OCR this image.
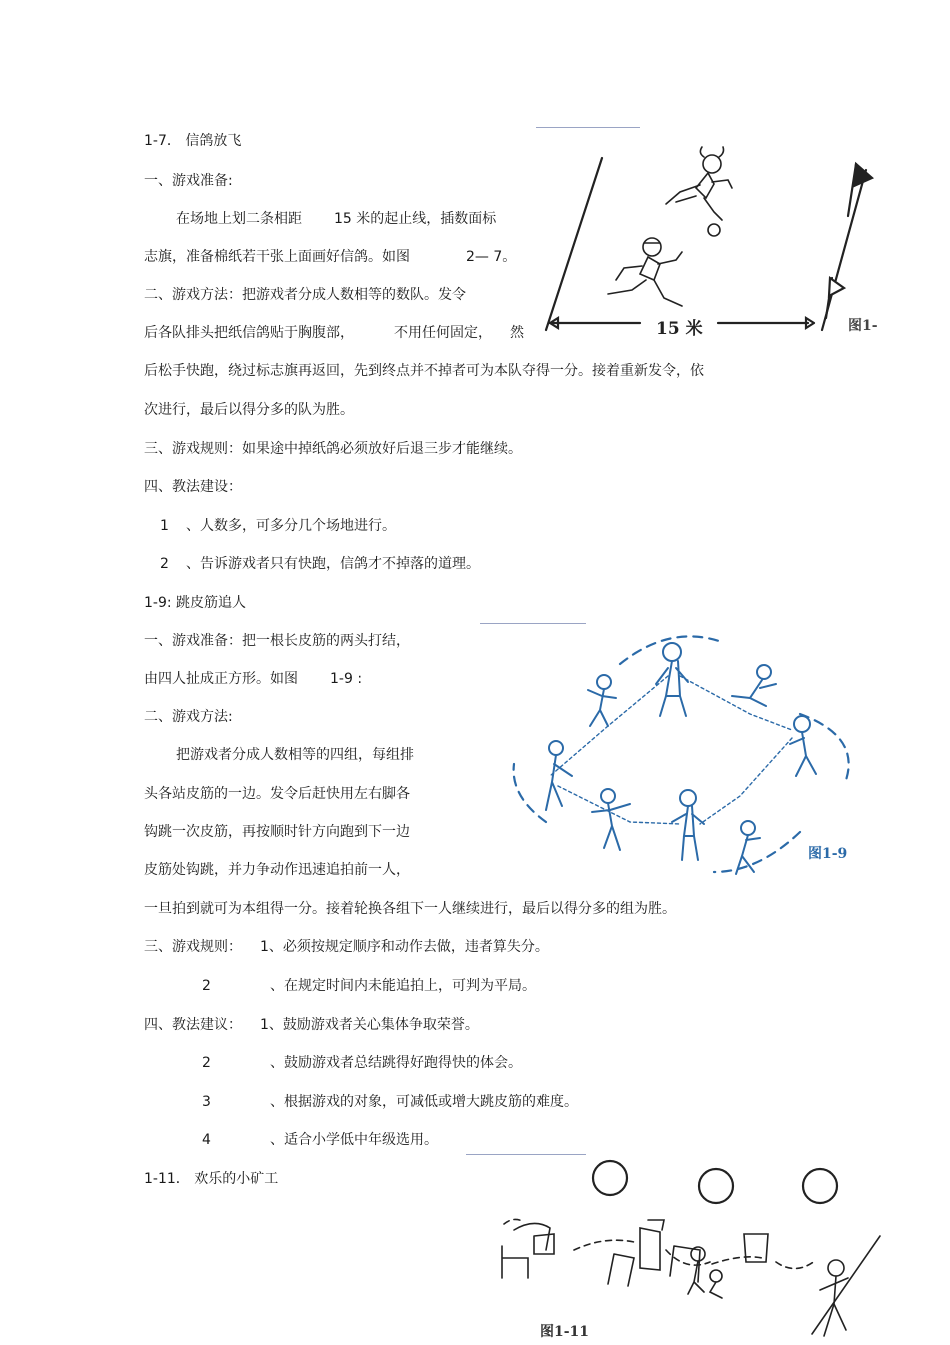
1-7． 信鸽放飞
一、游戏准备:
在场地上划二条相距 15 米的起止线，插数面标
志旗，准备棉纸若干张上面画好信鸽。如图	2— 7。
二、游戏方法：把游戏者分成人数相等的数队。发令
后各队排头把纸信鸽贴于胸腹部，	不用任何固定， 然
后松手快跑，绕过标志旗再返回，先到终点并不掉者可为本队夺得一分。接着重新发令，依
次进行，最后以得分多的队为胜。
三、游戏规则：如果途中掉纸鸽必须放好后退三步才能继续。
四、教法建设：
1 、人数多，可多分几个场地进行。
2 、告诉游戏者只有快跑，信鸽才不掉落的道理。
15 米	图1-
1-9: 跳皮筋追人
一、游戏准备：把一根长皮筋的两头打结，
由四人扯成正方形。如图 1-9 :
二、游戏方法:
把游戏者分成人数相等的四组，每组排
头各站皮筋的一边。发令后赶快用左右脚各
钩跳一次皮筋，再按顺时针方向跑到下一边
皮筋处钩跳，并力争动作迅速追拍前一人，
一旦拍到就可为本组得一分。接着轮换各组下一人继续进行，最后以得分多的组为胜。
三、游戏规则： 1、必须按规定顺序和动作去做，违者算失分。
2	、在规定时间内未能追拍上，可判为平局。
四、教法建议： 1、鼓励游戏者关心集体争取荣誉。
2	、鼓励游戏者总结跳得好跑得快的体会。
3	、根据游戏的对象，可减低或增大跳皮筋的难度。
4	、适合小学低中年级选用。
图1-9
1-11． 欢乐的小矿工
图1-11
